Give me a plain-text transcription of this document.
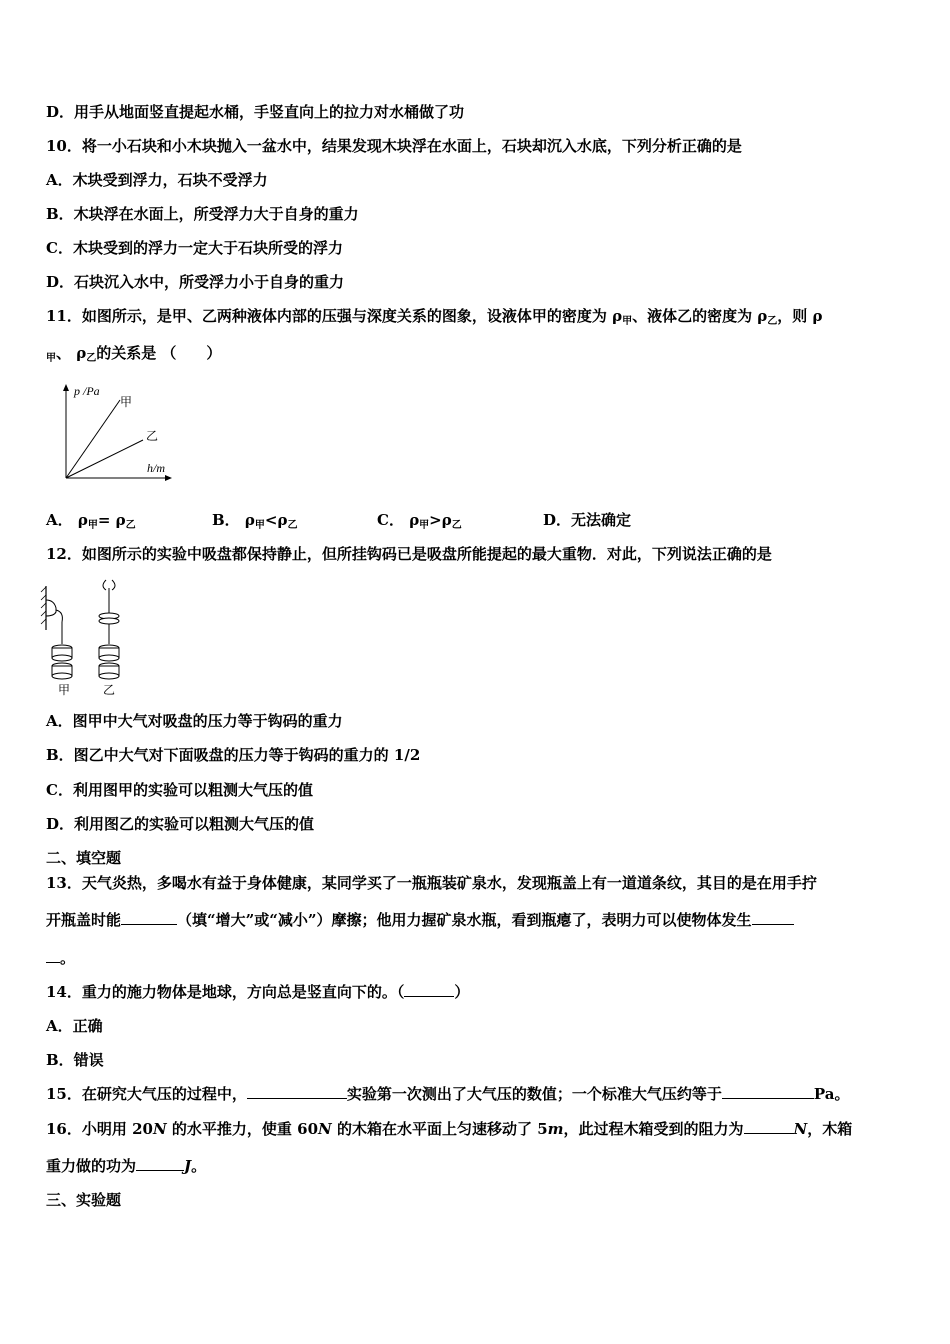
D．用手从地面竖直提起水桶，手竖直向上的拉力对水桶做了功
10．将一小石块和小木块抛入一盆水中，结果发现木块浮在水面上，石块却沉入水底，下列分析正确的是
A．木块受到浮力，石块不受浮力
B．木块浮在水面上，所受浮力大于自身的重力
C．木块受到的浮力一定大于石块所受的浮力
D．石块沉入水中，所受浮力小于自身的重力
11．如图所示，是甲、乙两种液体内部的压强与深度关系的图象，设液体甲的密度为 $\rho_甲$、液体乙的密度为 $\rho_乙$，则 ρ
$_甲$、 $\rho_乙$的关系是 （　　）
p /Pa
h/m
甲
乙
A． $\rho_甲= \rho_乙$	B． $\rho_甲<\rho_乙$	C． $\rho_甲>\rho_乙$	D．无法确定
12．如图所示的实验中吸盘都保持静止，但所挂钩码已是吸盘所能提起的最大重物．对此，下列说法正确的是
甲	乙
A．图甲中大气对吸盘的压力等于钩码的重力
B．图乙中大气对下面吸盘的压力等于钩码的重力的 1/2
C．利用图甲的实验可以粗测大气压的值
D．利用图乙的实验可以粗测大气压的值
二、填空题
13．天气炎热，多喝水有益于身体健康，某同学买了一瓶瓶装矿泉水，发现瓶盖上有一道道条纹，其目的是在用手拧
开瓶盖时能	（填“增大”或“减小”）摩擦；他用力握矿泉水瓶，看到瓶瘪了，表明力可以使物体发生
。
14．重力的施力物体是地球，方向总是竖直向下的。（	）
A．正确
B．错误
15．在研究大气压的过程中，	实验第一次测出了大气压的数值；一个标准大气压约等于	Pa。
16．小明用 20N 的水平推力，使重 60N 的木箱在水平面上匀速移动了 5m，此过程木箱受到的阻力为	N，木箱
重力做的功为	J。
三、实验题
